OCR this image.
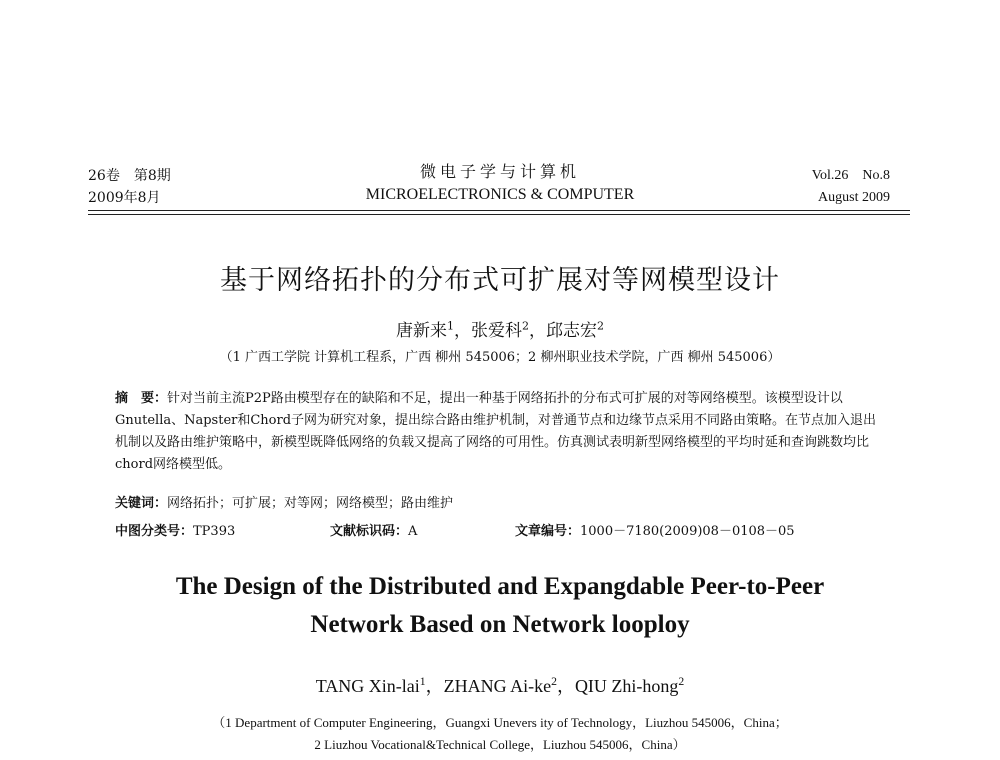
26卷　第8期
2009年8月
微电子学与计算机
MICROELECTRONICS & COMPUTER
Vol.26　No.8
August 2009
基于网络拓扑的分布式可扩展对等网模型设计
唐新来$^1$，张爱科$^2$，邱志宏$^2$
（1 广西工学院 计算机工程系，广西 柳州 545006；2 柳州职业技术学院，广西 柳州 545006）
摘　要：针对当前主流P2P路由模型存在的缺陷和不足，提出一种基于网络拓扑的分布式可扩展的对等网络模型。该模型设计以Gnutella、Napster和Chord子网为研究对象，提出综合路由维护机制，对普通节点和边缘节点采用不同路由策略。在节点加入退出机制以及路由维护策略中，新模型既降低网络的负载又提高了网络的可用性。仿真测试表明新型网络模型的平均时延和查询跳数均比chord网络模型低。
关键词：网络拓扑；可扩展；对等网；网络模型；路由维护
中图分类号：TP393	文献标识码：A	文章编号：1000－7180(2009)08－0108－05
The Design of the Distributed and Expangdable Peer-to-Peer
Network Based on Network looploy
TANG Xin-lai$^1$，ZHANG $Ai-ke^2$，QIU Zhi-hong$^2$
（1 Department of Computer Engineering，Guangxi Unevers ity of Technology，Liuzhou 545006，China；
2 Liuzhou Vocational&Technical College，Liuzhou 545006，China）
